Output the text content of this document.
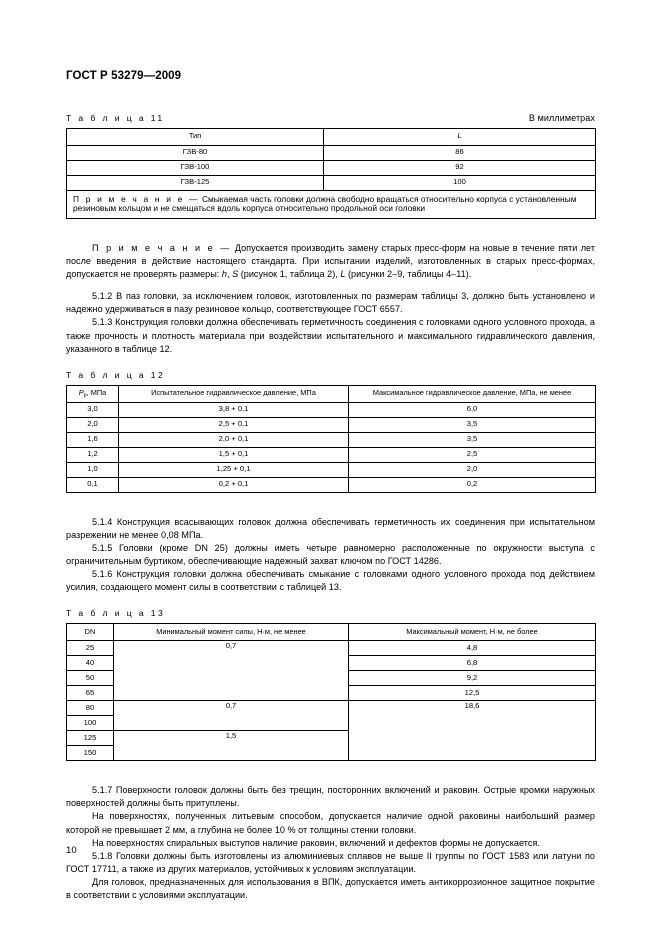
ГОСТ Р 53279—2009
Т а б л и ц а 11	В миллиметрах
Тип	L
ГЗВ-80	86
ГЗВ-100	92
ГЗВ-125	100
П р и м е ч а н и е — Смыкаемая часть головки должна свободно вращаться относительно корпуса с установленным резиновым кольцом и не смещаться вдоль корпуса относительно продольной оси головки	

П р и м е ч а н и е — Допускается производить замену старых пресс-форм на новые в течение пяти лет после введения в действие настоящего стандарта. При испытании изделий, изготовленных в старых пресс-формах, допускается не проверять размеры: h, S (рисунок 1, таблица 2), L (рисунки 2–9, таблицы 4–11).

5.1.2 В паз головки, за исключением головок, изготовленных по размерам таблицы 3, должно быть установлено и надежно удерживаться в пазу резиновое кольцо, соответствующее ГОСТ 6557.

5.1.3 Конструкция головки должна обеспечивать герметичность соединения с головками одного условного прохода, а также прочность и плотность материала при воздействии испытательного и максимального гидравлического давления, указанного в таблице 12.

Т а б л и ц а 12
$P_р$, МПа	Испытательное гидравлическое давление, МПа	Максимальное гидравлическое давление, МПа, не менее
3,0	3,8 + 0,1	6,0
2,0	2,5 + 0,1	3,5
1,6	2,0 + 0,1	3,5
1,2	1,5 + 0,1	2,5
1,0	1,25 + 0,1	2,0
0,1	0,2 + 0,1	0,2

5.1.4 Конструкция всасывающих головок должна обеспечивать герметичность их соединения при испытательном разрежении не менее 0,08 МПа.

5.1.5 Головки (кроме DN 25) должны иметь четыре равномерно расположенные по окружности выступа с ограничительным буртиком, обеспечивающие надежный захват ключом по ГОСТ 14286.

5.1.6 Конструкция головки должна обеспечивать смыкание с головками одного условного прохода под действием усилия, создающего момент силы в соответствии с таблицей 13.

Т а б л и ц а 13
DN	Минимальный момент силы, Н·м, не менее	Максимальный момент, Н·м, не более
25	0,7	4,8
40		6,8
50		9,2
65		12,5
80	0,7	18,6
100		
125	1,5	
150		

5.1.7 Поверхности головок должны быть без трещин, посторонних включений и раковин. Острые кромки наружных поверхностей должны быть притуплены.

На поверхностях, полученных литьевым способом, допускается наличие одной раковины наибольший размер которой не превышает 2 мм, а глубина не более 10 % от толщины стенки головки.

На поверхностях спиральных выступов наличие раковин, включений и дефектов формы не допускается.

5.1.8 Головки должны быть изготовлены из алюминиевых сплавов не выше II группы по ГОСТ 1583 или латуни по ГОСТ 17711, а также из других материалов, устойчивых к условиям эксплуатации.

Для головок, предназначенных для использования в ВПК, допускается иметь антикоррозионное защитное покрытие в соответствии с условиями эксплуатации.

10
